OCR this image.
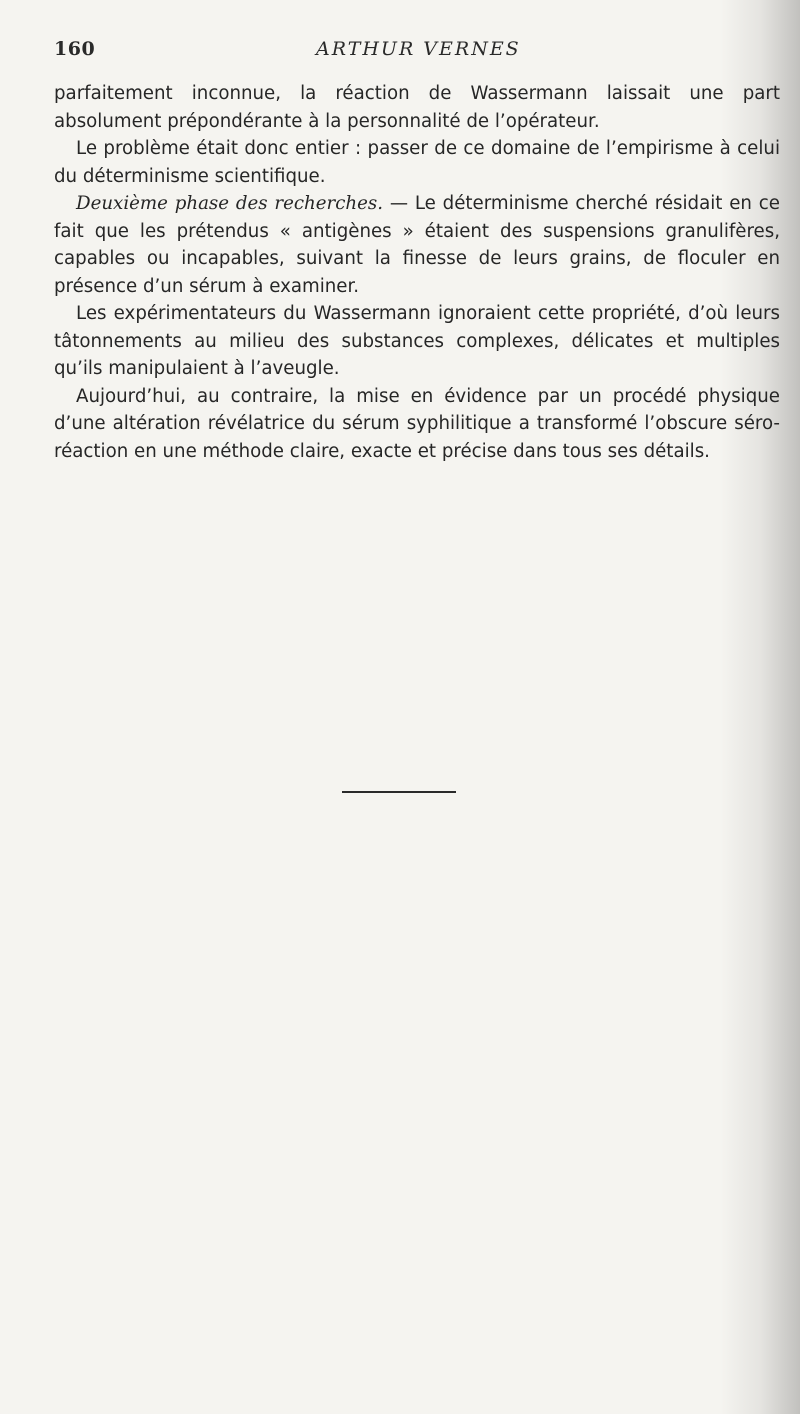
160	ARTHUR VERNES

parfaitement inconnue, la réaction de Wassermann laissait une part absolument prépondérante à la personnalité de l’opérateur.

Le problème était donc entier : passer de ce domaine de l’empirisme à celui du déterminisme scientifique.

Deuxième phase des recherches. — Le déterminisme cherché résidait en ce fait que les prétendus « antigènes » étaient des suspensions granulifères, capables ou incapables, suivant la finesse de leurs grains, de floculer en présence d’un sérum à examiner.

Les expérimentateurs du Wassermann ignoraient cette propriété, d’où leurs tâtonnements au milieu des substances complexes, délicates et multiples qu’ils manipulaient à l’aveugle.

Aujourd’hui, au contraire, la mise en évidence par un procédé physique d’une altération révélatrice du sérum syphilitique a transformé l’obscure séro-réaction en une méthode claire, exacte et précise dans tous ses détails.
